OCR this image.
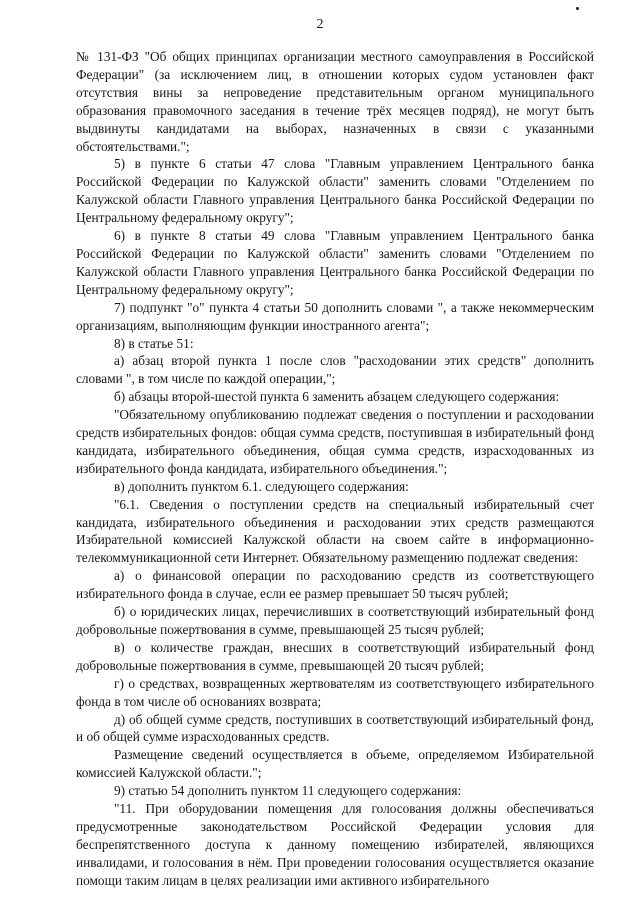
2

№ 131-ФЗ "Об общих принципах организации местного самоуправления в Российской Федерации" (за исключением лиц, в отношении которых судом установлен факт отсутствия вины за непроведение представительным органом муниципального образования правомочного заседания в течение трёх месяцев подряд), не могут быть выдвинуты кандидатами на выборах, назначенных в связи с указанными обстоятельствами.";

5) в пункте 6 статьи 47 слова "Главным управлением Центрального банка Российской Федерации по Калужской области" заменить словами "Отделением по Калужской области Главного управления Центрального банка Российской Федерации по Центральному федеральному округу";

6) в пункте 8 статьи 49 слова "Главным управлением Центрального банка Российской Федерации по Калужской области" заменить словами "Отделением по Калужской области Главного управления Центрального банка Российской Федерации по Центральному федеральному округу";

7) подпункт "о" пункта 4 статьи 50 дополнить словами ", а также некоммерческим организациям, выполняющим функции иностранного агента";

8) в статье 51:

а) абзац второй пункта 1 после слов "расходовании этих средств" дополнить словами ", в том числе по каждой операции,";

б) абзацы второй-шестой пункта 6 заменить абзацем следующего содержания:

"Обязательному опубликованию подлежат сведения о поступлении и расходовании средств избирательных фондов: общая сумма средств, поступившая в избирательный фонд кандидата, избирательного объединения, общая сумма средств, израсходованных из избирательного фонда кандидата, избирательного объединения.";

в) дополнить пунктом 6.1. следующего содержания:

"6.1. Сведения о поступлении средств на специальный избирательный счет кандидата, избирательного объединения и расходовании этих средств размещаются Избирательной комиссией Калужской области на своем сайте в информационно-телекоммуникационной сети Интернет. Обязательному размещению подлежат сведения:

а) о финансовой операции по расходованию средств из соответствующего избирательного фонда в случае, если ее размер превышает 50 тысяч рублей;

б) о юридических лицах, перечисливших в соответствующий избирательный фонд добровольные пожертвования в сумме, превышающей 25 тысяч рублей;

в) о количестве граждан, внесших в соответствующий избирательный фонд добровольные пожертвования в сумме, превышающей 20 тысяч рублей;

г) о средствах, возвращенных жертвователям из соответствующего избирательного фонда в том числе об основаниях возврата;

д) об общей сумме средств, поступивших в соответствующий избирательный фонд, и об общей сумме израсходованных средств.

Размещение сведений осуществляется в объеме, определяемом Избирательной комиссией Калужской области.";

9) статью 54 дополнить пунктом 11 следующего содержания:

"11. При оборудовании помещения для голосования должны обеспечиваться предусмотренные законодательством Российской Федерации условия для беспрепятственного доступа к данному помещению избирателей, являющихся инвалидами, и голосования в нём. При проведении голосования осуществляется оказание помощи таким лицам в целях реализации ими активного избирательного
